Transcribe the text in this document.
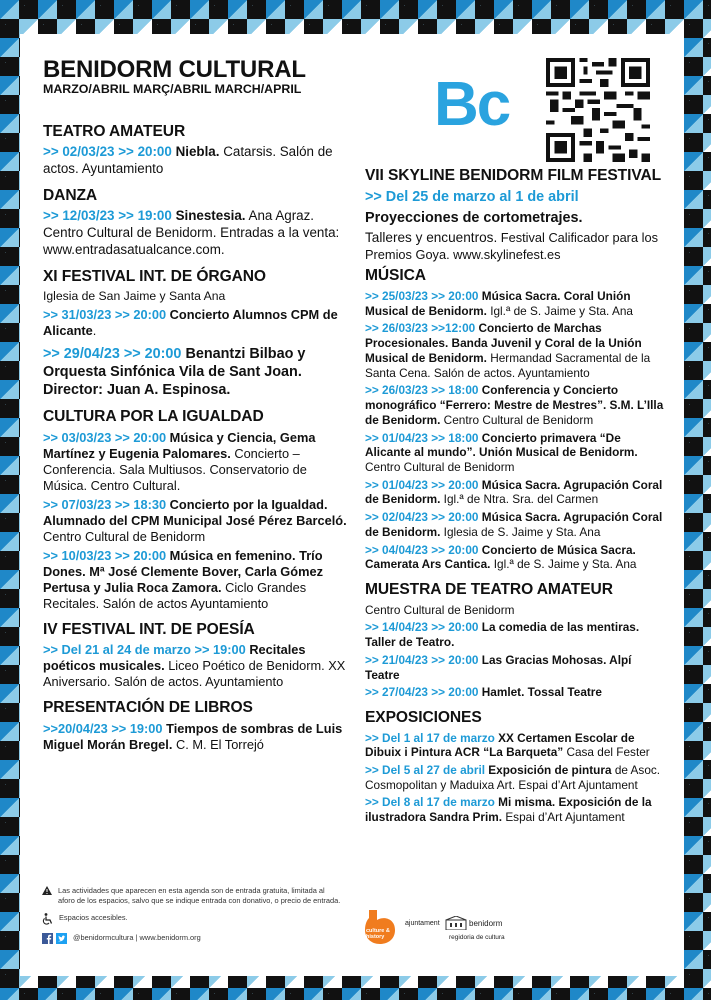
BENIDORM CULTURAL
MARZO/ABRIL MARÇ/ABRIL MARCH/APRIL Bc
TEATRO AMATEUR
>> 02/03/23 >> 20:00 Niebla. Catarsis. Salón de actos. Ayuntamiento
DANZA
>> 12/03/23 >> 19:00 Sinestesia. Ana Agraz. Centro Cultural de Benidorm. Entradas a la venta: www.entradasatualcance.com.
XI FESTIVAL INT. DE ÓRGANO
Iglesia de San Jaime y Santa Ana
>> 31/03/23 >> 20:00 Concierto Alumnos CPM de Alicante.
>> 29/04/23 >> 20:00 Benantzi Bilbao y Orquesta Sinfónica Vila de Sant Joan. Director: Juan A. Espinosa.
CULTURA POR LA IGUALDAD
>> 03/03/23 >> 20:00 Música y Ciencia, Gema Martínez y Eugenia Palomares. Concierto – Conferencia. Sala Multiusos. Conservatorio de Música. Centro Cultural.
>> 07/03/23 >> 18:30 Concierto por la Igualdad. Alumnado del CPM Municipal José Pérez Barceló. Centro Cultural de Benidorm
>> 10/03/23 >> 20:00 Música en femenino. Trío Dones. Mª José Clemente Bover, Carla Gómez Pertusa y Julia Roca Zamora. Ciclo Grandes Recitales. Salón de actos Ayuntamiento
IV FESTIVAL INT. DE POESÍA
>> Del 21 al 24 de marzo >> 19:00 Recitales poéticos musicales. Liceo Poético de Benidorm. XX Aniversario. Salón de actos. Ayuntamiento
PRESENTACIÓN DE LIBROS
>>20/04/23 >> 19:00 Tiempos de sombras de Luis Miguel Morán Bregel. C. M. El Torrejó
VII SKYLINE BENIDORM FILM FESTIVAL
>> Del 25 de marzo al 1 de abril
Proyecciones de cortometrajes.
Talleres y encuentros. Festival Calificador para los Premios Goya. www.skylinefest.es
MÚSICA
>> 25/03/23 >> 20:00 Música Sacra. Coral Unión Musical de Benidorm. Igl.ª de S. Jaime y Sta. Ana
>> 26/03/23 >>12:00 Concierto de Marchas Procesionales. Banda Juvenil y Coral de la Unión Musical de Benidorm. Hermandad Sacramental de la Santa Cena. Salón de actos. Ayuntamiento
>> 26/03/23 >> 18:00 Conferencia y Concierto monográfico “Ferrero: Mestre de Mestres”. S.M. L’Illa de Benidorm. Centro Cultural de Benidorm
>> 01/04/23 >> 18:00 Concierto primavera “De Alicante al mundo”. Unión Musical de Benidorm. Centro Cultural de Benidorm
>> 01/04/23 >> 20:00 Música Sacra. Agrupación Coral de Benidorm. Igl.ª de Ntra. Sra. del Carmen
>> 02/04/23 >> 20:00 Música Sacra. Agrupación Coral de Benidorm. Iglesia de S. Jaime y Sta. Ana
>> 04/04/23 >> 20:00 Concierto de Música Sacra. Camerata Ars Cantica. Igl.ª de S. Jaime y Sta. Ana
MUESTRA DE TEATRO AMATEUR
Centro Cultural de Benidorm
>> 14/04/23 >> 20:00 La comedia de las mentiras. Taller de Teatro.
>> 21/04/23 >> 20:00 Las Gracias Mohosas. Alpí Teatre
>> 27/04/23 >> 20:00 Hamlet. Tossal Teatre
EXPOSICIONES
>> Del 1 al 17 de marzo XX Certamen Escolar de Dibuix i Pintura ACR “La Barqueta” Casa del Fester
>> Del 5 al 27 de abril Exposición de pintura de Asoc. Cosmopolitan y Maduixa Art. Espai d’Art Ajuntament
>> Del 8 al 17 de marzo Mi misma. Exposición de la ilustradora Sandra Prim. Espai d’Art Ajuntament
Las actividades que aparecen en esta agenda son de entrada gratuita, limitada al aforo de los espacios, salvo que se indique entrada con donativo, o precio de entrada.
Espacios accesibles.
@benidormcultura | www.benidorm.org
culture & history
ajuntament	benidorm
regidoria de cultura
